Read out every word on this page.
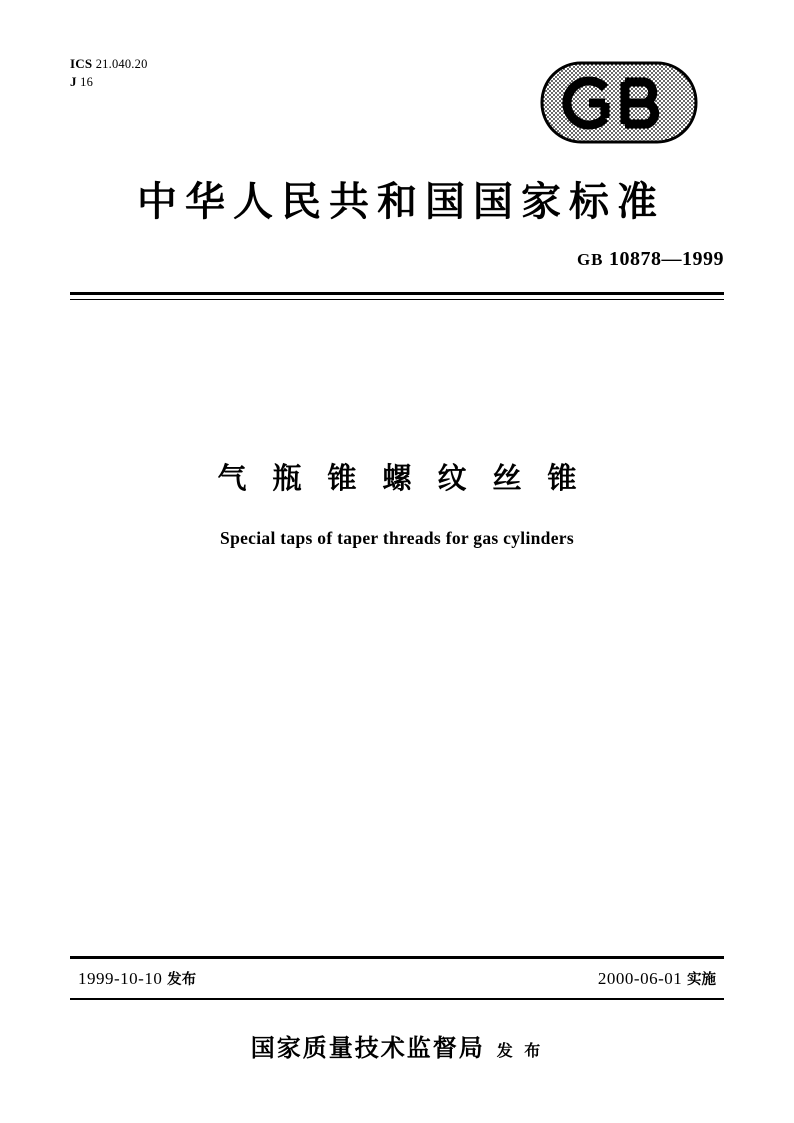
ICS 21.040.20
J 16
中华人民共和国国家标准
GB 10878—1999
气瓶锥螺纹丝锥
Special taps of taper threads for gas cylinders
1999-10-10 发布	2000-06-01 实施
国家质量技术监督局 发 布
